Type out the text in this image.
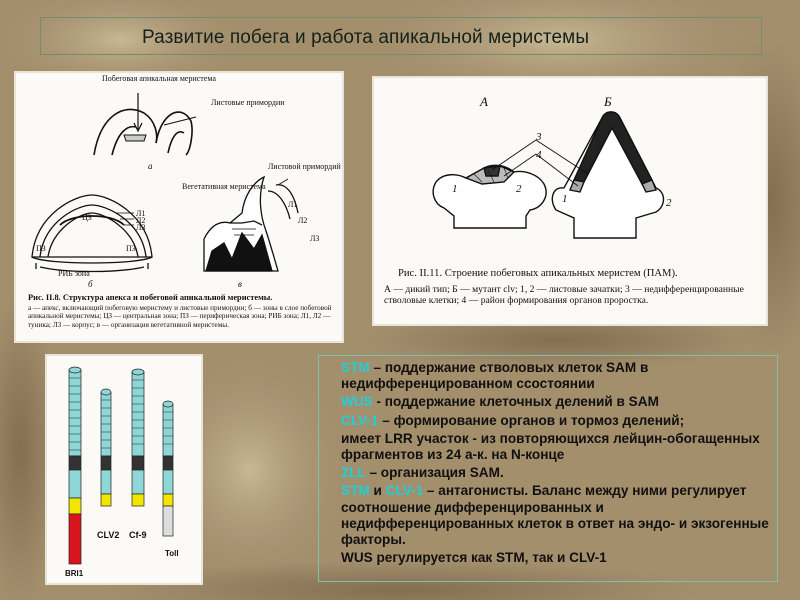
Развитие побега и работа апикальной меристемы
Побеговая апикальная меристема
Листовые примордии
а
ЦЗ	Л1
Л2
Л3
ПЗ	ПЗ
РИБ зона
б
Листовой примордий
Вегетативная меристема
Л1
Л2
Л3
в
Рис. II.8. Структура апекса и побеговой апикальной меристемы.
а — апекс, включающий побеговую меристему и листовые примордии; б — зоны в слое побеговой апикальной меристемы; ЦЗ — центральная зона; ПЗ — периферическая зона; РИБ зона; Л1, Л2 — туника; Л3 — корпус; в — организация вегетативной меристемы.
А
1	2
Б
1	2
3
4
Рис. II.11. Строение побеговых апикальных меристем (ПАМ).
А — дикий тип; Б — мутант clv; 1, 2 — листовые зачатки; 3 — недифференцированные стволовые клетки; 4 — район формирования органов проростка.
BRI1
CLV2 Cf-9
Toll

STM – поддержание стволовых клеток SAM в недифференцированном ссостоянии

WUS - поддержание клеточных делений в SAM

CLV-1 – формирование органов и тормоз делений;

имеет LRR участок - из повторяющихся лейцин-обогащенных фрагментов из 24 а-к. на N-конце

ZLL – организация SAM.

STM и CLV-1 – антагонисты. Баланс между ними регулирует соотношение дифференцированных и недифференцированных клеток в ответ на эндо- и экзогенные факторы.

WUS регулируется как STM, так и CLV-1
